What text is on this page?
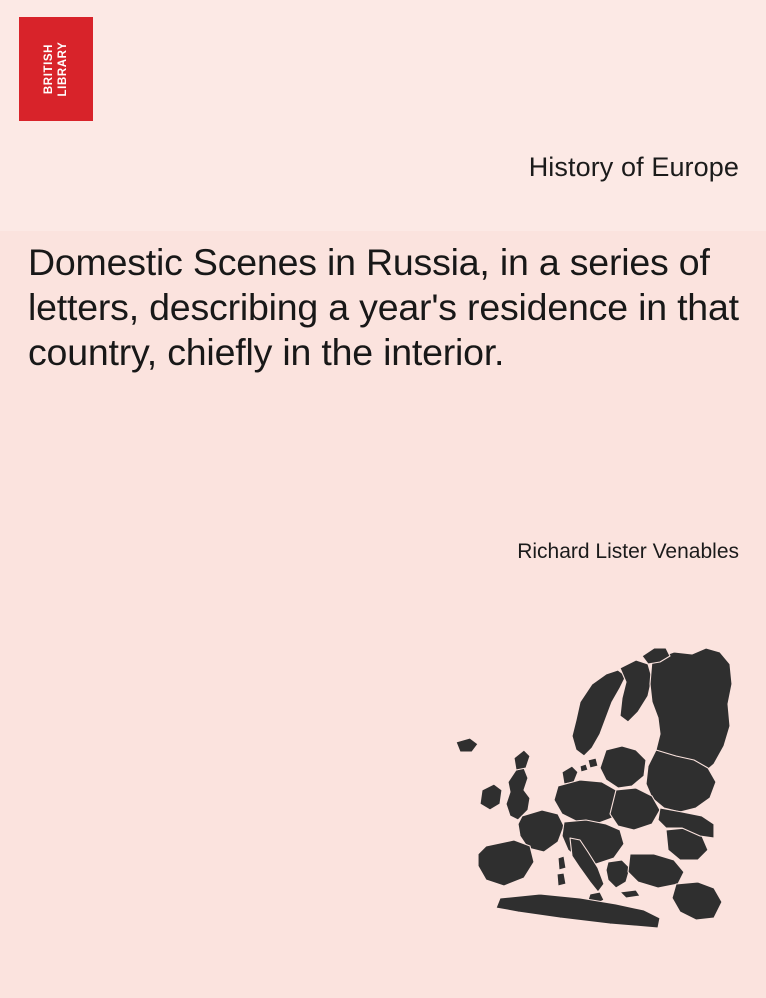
BRITISH
LIBRARY
History of Europe
Domestic Scenes in Russia, in a series of letters, describing a year's residence in that country, chiefly in the interior.
Richard Lister Venables
